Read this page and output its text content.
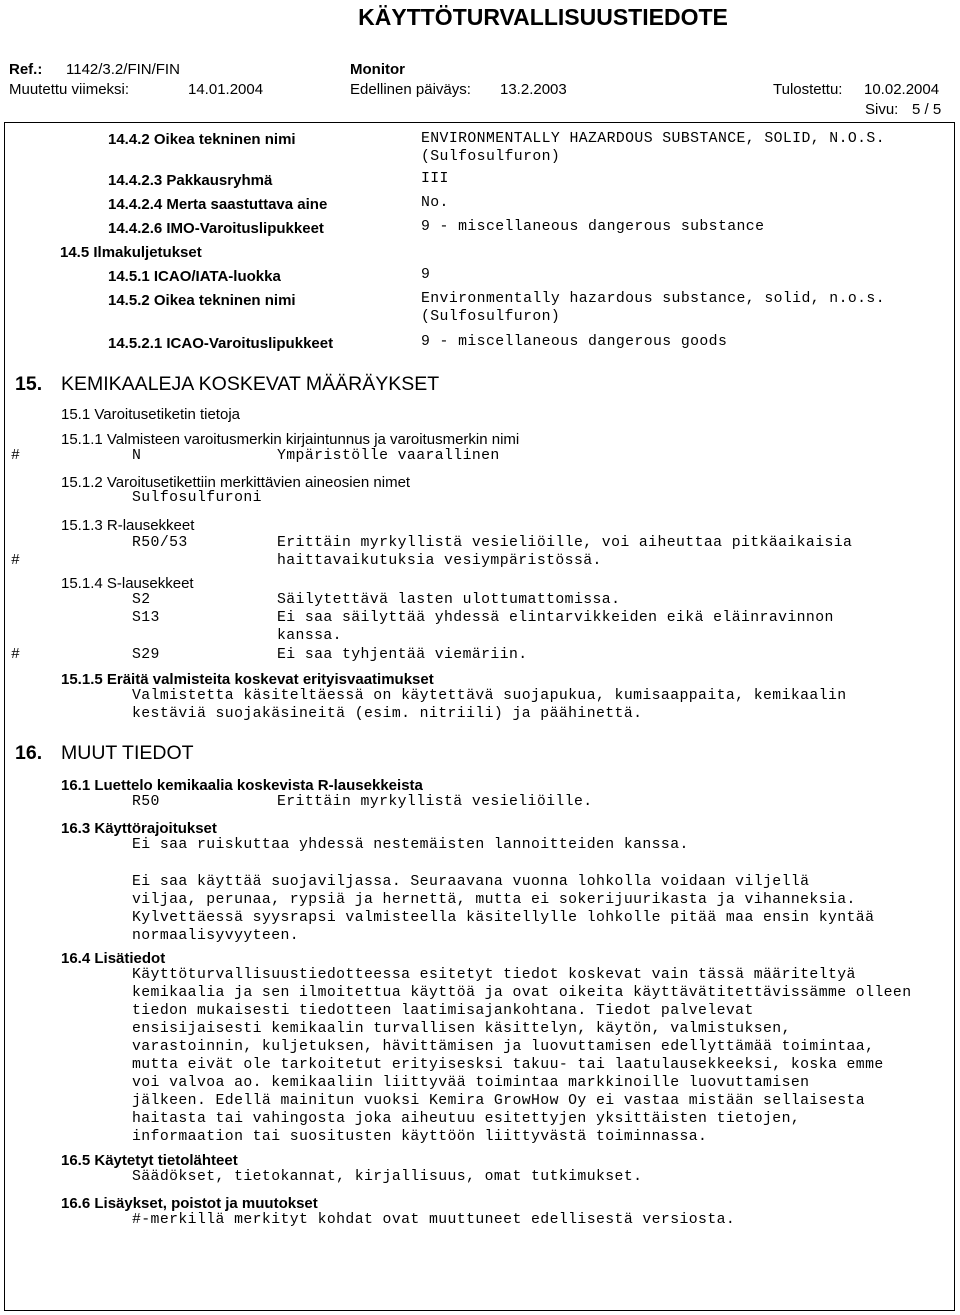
KÄYTTÖTURVALLISUUSTIEDOTE
Ref.: 1142/3.2/FIN/FIN	Monitor
Muutettu viimeksi:	14.01.2004	Edellinen päiväys: 13.2.2003	Tulostettu: 10.02.2004
Sivu: 5 / 5
14.4.2 Oikea tekninen nimi	ENVIRONMENTALLY HAZARDOUS SUBSTANCE, SOLID, N.O.S.
(Sulfosulfuron)
14.4.2.3 Pakkausryhmä	III
14.4.2.4 Merta saastuttava aine	No.
14.4.2.6 IMO-Varoituslipukkeet	9 - miscellaneous dangerous substance
14.5 Ilmakuljetukset
14.5.1 ICAO/IATA-luokka	9
14.5.2 Oikea tekninen nimi	Environmentally hazardous substance, solid, n.o.s.
(Sulfosulfuron)
14.5.2.1 ICAO-Varoituslipukkeet	9 - miscellaneous dangerous goods
15. KEMIKAALEJA KOSKEVAT MÄÄRÄYKSET
15.1 Varoitusetiketin tietoja
15.1.1 Valmisteen varoitusmerkin kirjaintunnus ja varoitusmerkin nimi
#	N	Ympäristölle vaarallinen
15.1.2 Varoitusetikettiin merkittävien aineosien nimet
Sulfosulfuroni
15.1.3 R-lausekkeet
R50/53	Erittäin myrkyllistä vesieliöille, voi aiheuttaa pitkäaikaisia
#	haittavaikutuksia vesiympäristössä.
15.1.4 S-lausekkeet
S2	Säilytettävä lasten ulottumattomissa.
S13	Ei saa säilyttää yhdessä elintarvikkeiden eikä eläinravinnon
kanssa.
#	S29	Ei saa tyhjentää viemäriin.
15.1.5 Eräitä valmisteita koskevat erityisvaatimukset
Valmistetta käsiteltäessä on käytettävä suojapukua, kumisaappaita, kemikaalin
kestäviä suojakäsineitä (esim. nitriili) ja päähinettä.
16. MUUT TIEDOT
16.1 Luettelo kemikaalia koskevista R-lausekkeista
R50	Erittäin myrkyllistä vesieliöille.
16.3 Käyttörajoitukset
Ei saa ruiskuttaa yhdessä nestemäisten lannoitteiden kanssa.
Ei saa käyttää suojaviljassa. Seuraavana vuonna lohkolla voidaan viljellä
viljaa, perunaa, rypsiä ja hernettä, mutta ei sokerijuurikasta ja vihanneksia.
Kylvettäessä syysrapsi valmisteella käsitellylle lohkolle pitää maa ensin kyntää
normaalisyvyyteen.
16.4 Lisätiedot
Käyttöturvallisuustiedotteessa esitetyt tiedot koskevat vain tässä määriteltyä
kemikaalia ja sen ilmoitettua käyttöä ja ovat oikeita käyttävätitettävissämme olleen
tiedon mukaisesti tiedotteen laatimisajankohtana. Tiedot palvelevat
ensisijaisesti kemikaalin turvallisen käsittelyn, käytön, valmistuksen,
varastoinnin, kuljetuksen, hävittämisen ja luovuttamisen edellyttämää toimintaa,
mutta eivät ole tarkoitetut erityisesksi takuu- tai laatulausekkeeksi, koska emme
voi valvoa ao. kemikaaliin liittyvää toimintaa markkinoille luovuttamisen
jälkeen. Edellä mainitun vuoksi Kemira GrowHow Oy ei vastaa mistään sellaisesta
haitasta tai vahingosta joka aiheutuu esitettyjen yksittäisten tietojen,
informaation tai suositusten käyttöön liittyvästä toiminnassa.
16.5 Käytetyt tietolähteet
Säädökset, tietokannat, kirjallisuus, omat tutkimukset.
16.6 Lisäykset, poistot ja muutokset
#-merkillä merkityt kohdat ovat muuttuneet edellisestä versiosta.
